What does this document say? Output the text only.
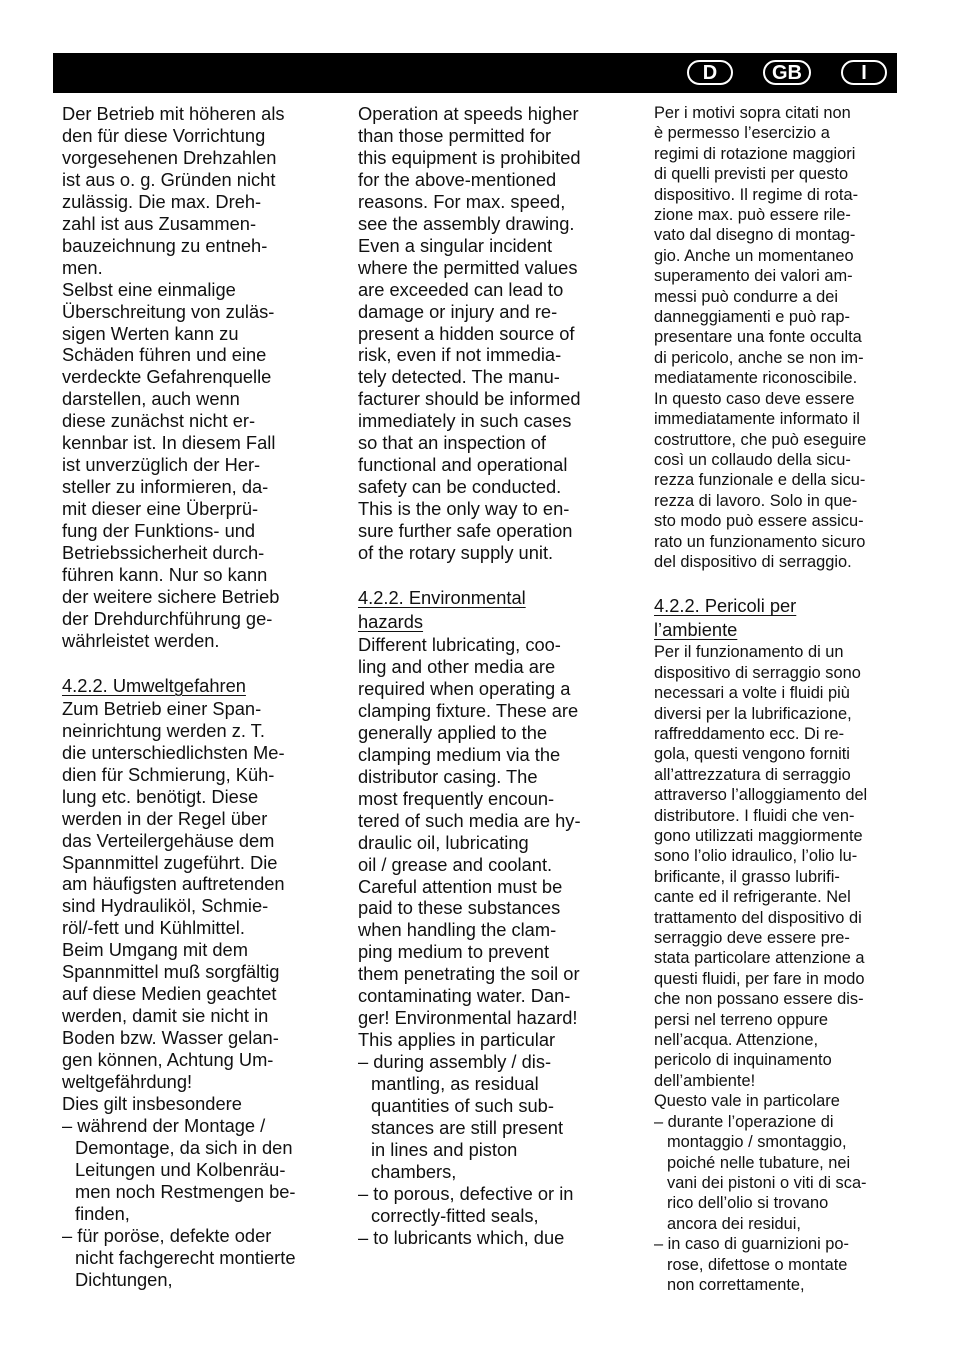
D	GB	I
Der Betrieb mit höheren als
den für diese Vorrichtung
vorgesehenen Drehzahlen
ist aus o. g. Gründen nicht
zulässig. Die max. Dreh-
zahl ist aus Zusammen-
bauzeichnung zu entneh-
men.
Selbst eine einmalige
Überschreitung von zuläs-
sigen Werten kann zu
Schäden führen und eine
verdeckte Gefahrenquelle
darstellen, auch wenn
diese zunächst nicht er-
kennbar ist. In diesem Fall
ist unverzüglich der Her-
steller zu informieren, da-
mit dieser eine Überprü-
fung der Funktions- und
Betriebssicherheit durch-
führen kann. Nur so kann
der weitere sichere Betrieb
der Drehdurchführung ge-
währleistet werden.
4.2.2. Umweltgefahren
Zum Betrieb einer Span-
neinrichtung werden z. T.
die unterschiedlichsten Me-
dien für Schmierung, Küh-
lung etc. benötigt. Diese
werden in der Regel über
das Verteilergehäuse dem
Spannmittel zugeführt. Die
am häufigsten auftretenden
sind Hydrauliköl, Schmie-
röl/-fett und Kühlmittel.
Beim Umgang mit dem
Spannmittel muß sorgfältig
auf diese Medien geachtet
werden, damit sie nicht in
Boden bzw. Wasser gelan-
gen können, Achtung Um-
weltgefährdung!
Dies gilt insbesondere
– während der Montage /
Demontage, da sich in den
Leitungen und Kolbenräu-
men noch Restmengen be-
finden,
– für poröse, defekte oder
nicht fachgerecht montierte
Dichtungen,
Operation at speeds higher
than those permitted for
this equipment is prohibited
for the above-mentioned
reasons. For max. speed,
see the assembly drawing.
Even a singular incident
where the permitted values
are exceeded can lead to
damage or injury and re-
present a hidden source of
risk, even if not immedia-
tely detected. The manu-
facturer should be informed
immediately in such cases
so that an inspection of
functional and operational
safety can be conducted.
This is the only way to en-
sure further safe operation
of the rotary supply unit.
4.2.2. Environmental
hazards
Different lubricating, coo-
ling and other media are
required when operating a
clamping fixture. These are
generally applied to the
clamping medium via the
distributor casing. The
most frequently encoun-
tered of such media are hy-
draulic oil, lubricating
oil / grease and coolant.
Careful attention must be
paid to these substances
when handling the clam-
ping medium to prevent
them penetrating the soil or
contaminating water. Dan-
ger! Environmental hazard!
This applies in particular
– during assembly / dis-
mantling, as residual
quantities of such sub-
stances are still present
in lines and piston
chambers,
– to porous, defective or in
correctly-fitted seals,
– to lubricants which, due
Per i motivi sopra citati non
è permesso l’esercizio a
regimi di rotazione maggiori
di quelli previsti per questo
dispositivo. Il regime di rota-
zione max. può essere rile-
vato dal disegno di montag-
gio. Anche un momentaneo
superamento dei valori am-
messi può condurre a dei
danneggiamenti e può rap-
presentare una fonte occulta
di pericolo, anche se non im-
mediatamente riconoscibile.
In questo caso deve essere
immediatamente informato il
costruttore, che può eseguire
così un collaudo della sicu-
rezza funzionale e della sicu-
rezza di lavoro. Solo in que-
sto modo può essere assicu-
rato un funzionamento sicuro
del dispositivo di serraggio.
4.2.2. Pericoli per
l’ambiente
Per il funzionamento di un
dispositivo di serraggio sono
necessari a volte i fluidi più
diversi per la lubrificazione,
raffreddamento ecc. Di re-
gola, questi vengono forniti
all’attrezzatura di serraggio
attraverso l’alloggiamento del
distributore. I fluidi che ven-
gono utilizzati maggiormente
sono l’olio idraulico, l’olio lu-
brificante, il grasso lubrifi-
cante ed il refrigerante. Nel
trattamento del dispositivo di
serraggio deve essere pre-
stata particolare attenzione a
questi fluidi, per fare in modo
che non possano essere dis-
persi nel terreno oppure
nell’acqua. Attenzione,
pericolo di inquinamento
dell’ambiente!
Questo vale in particolare
– durante l’operazione di
montaggio / smontaggio,
poiché nelle tubature, nei
vani dei pistoni o viti di sca-
rico dell’olio si trovano
ancora dei residui,
– in caso di guarnizioni po-
rose, difettose o montate
non correttamente,
